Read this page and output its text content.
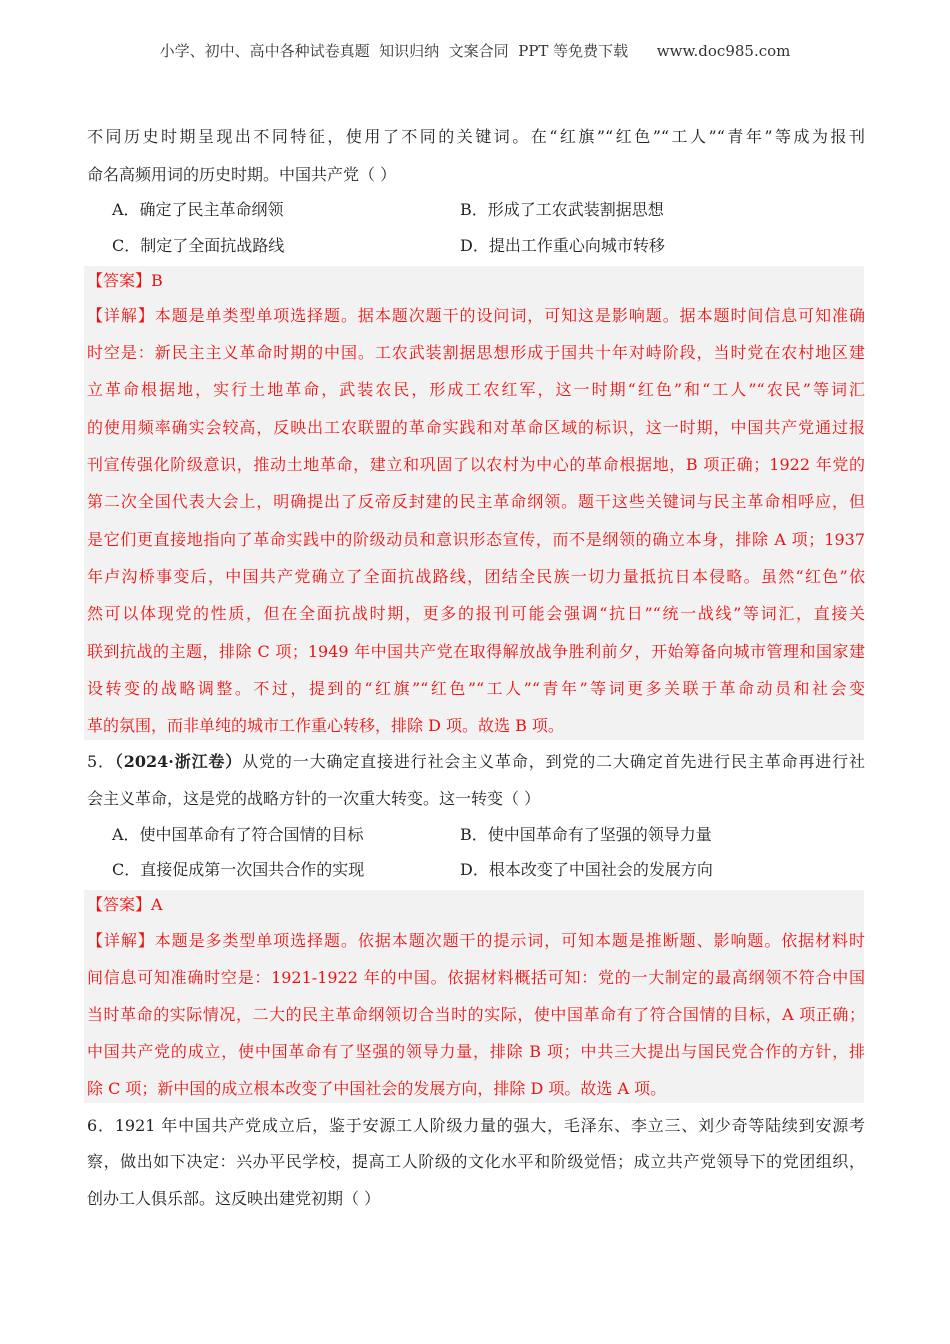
小学、初中、高中各种试卷真题  知识归纳  文案合同  PPT 等免费下载      www.doc985.com
不同历史时期呈现出不同特征，使用了不同的关键词。在“红旗”“红色”“工人”“青年”等成为报刊
命名高频用词的历史时期。中国共产党（ ）
A．确定了民主革命纲领	B．形成了工农武装割据思想
C．制定了全面抗战路线	D．提出工作重心向城市转移
【答案】B
【详解】本题是单类型单项选择题。据本题次题干的设问词，可知这是影响题。据本题时间信息可知准确
时空是：新民主主义革命时期的中国。工农武装割据思想形成于国共十年对峙阶段，当时党在农村地区建
立革命根据地，实行土地革命，武装农民，形成工农红军，这一时期“红色”和“工人”“农民”等词汇
的使用频率确实会较高，反映出工农联盟的革命实践和对革命区域的标识，这一时期，中国共产党通过报
刊宣传强化阶级意识，推动土地革命，建立和巩固了以农村为中心的革命根据地，B 项正确；1922 年党的
第二次全国代表大会上，明确提出了反帝反封建的民主革命纲领。题干这些关键词与民主革命相呼应，但
是它们更直接地指向了革命实践中的阶级动员和意识形态宣传，而不是纲领的确立本身，排除 A 项；1937
年卢沟桥事变后，中国共产党确立了全面抗战路线，团结全民族一切力量抵抗日本侵略。虽然“红色”依
然可以体现党的性质，但在全面抗战时期，更多的报刊可能会强调“抗日”“统一战线”等词汇，直接关
联到抗战的主题，排除 C 项；1949 年中国共产党在取得解放战争胜利前夕，开始筹备向城市管理和国家建
设转变的战略调整。不过，提到的“红旗”“红色”“工人”“青年”等词更多关联于革命动员和社会变
革的氛围，而非单纯的城市工作重心转移，排除 D 项。故选 B 项。
5．（2024·浙江卷）从党的一大确定直接进行社会主义革命，到党的二大确定首先进行民主革命再进行社
会主义革命，这是党的战略方针的一次重大转变。这一转变（ ）
A．使中国革命有了符合国情的目标	B．使中国革命有了坚强的领导力量
C．直接促成第一次国共合作的实现	D．根本改变了中国社会的发展方向
【答案】A
【详解】本题是多类型单项选择题。依据本题次题干的提示词，可知本题是推断题、影响题。依据材料时
间信息可知准确时空是：1921-1922 年的中国。依据材料概括可知：党的一大制定的最高纲领不符合中国
当时革命的实际情况，二大的民主革命纲领切合当时的实际，使中国革命有了符合国情的目标，A 项正确；
中国共产党的成立，使中国革命有了坚强的领导力量，排除 B 项；中共三大提出与国民党合作的方针，排
除 C 项；新中国的成立根本改变了中国社会的发展方向，排除 D 项。故选 A 项。
6．1921 年中国共产党成立后，鉴于安源工人阶级力量的强大，毛泽东、李立三、刘少奇等陆续到安源考
察，做出如下决定：兴办平民学校，提高工人阶级的文化水平和阶级觉悟；成立共产党领导下的党团组织，
创办工人俱乐部。这反映出建党初期（ ）
